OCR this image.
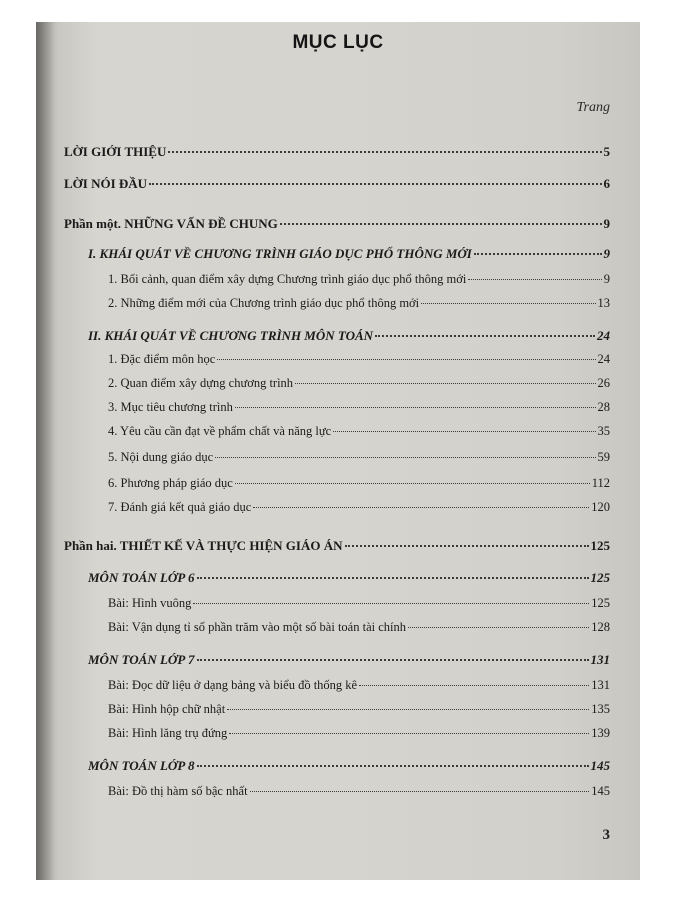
MỤC LỤC
Trang
LỜI GIỚI THIỆU	5
LỜI NÓI ĐẦU	6
Phần một. NHỮNG VẤN ĐỀ CHUNG	9
I. KHÁI QUÁT VỀ CHƯƠNG TRÌNH GIÁO DỤC PHỔ THÔNG MỚI	9
1. Bối cảnh, quan điểm xây dựng Chương trình giáo dục phổ thông mới	9
2. Những điểm mới của Chương trình giáo dục phổ thông mới	13
II. KHÁI QUÁT VỀ CHƯƠNG TRÌNH MÔN TOÁN	24
1. Đặc điểm môn học	24
2. Quan điểm xây dựng chương trình	26
3. Mục tiêu chương trình	28
4. Yêu cầu cần đạt về phẩm chất và năng lực	35
5. Nội dung giáo dục	59
6. Phương pháp giáo dục	112
7. Đánh giá kết quả giáo dục	120
Phần hai. THIẾT KẾ VÀ THỰC HIỆN GIÁO ÁN	125
MÔN TOÁN LỚP 6	125
Bài: Hình vuông	125
Bài: Vận dụng tỉ số phần trăm vào một số bài toán tài chính	128
MÔN TOÁN LỚP 7	131
Bài: Đọc dữ liệu ở dạng bảng và biểu đồ thống kê	131
Bài: Hình hộp chữ nhật	135
Bài: Hình lăng trụ đứng	139
MÔN TOÁN LỚP 8	145
Bài: Đồ thị hàm số bậc nhất	145
3
